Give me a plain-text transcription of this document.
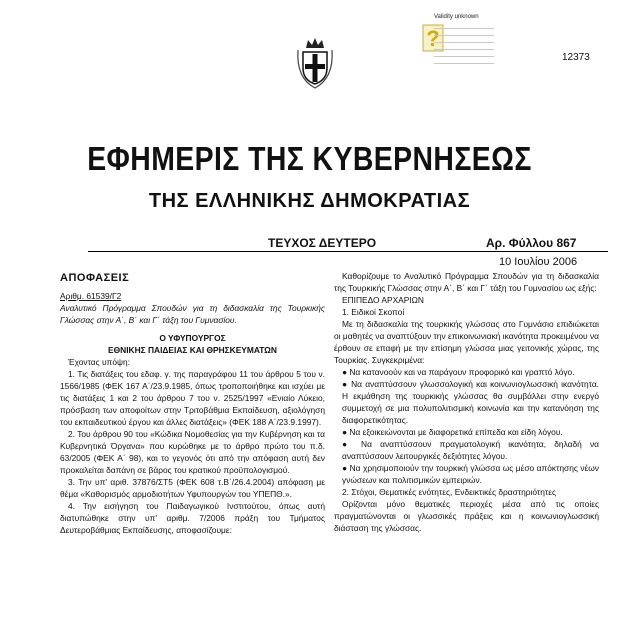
?
Validity unknown
12373
ΕΦΗΜΕΡΙΣ ΤΗΣ ΚΥΒΕΡΝΗΣΕΩΣ
ΤΗΣ ΕΛΛΗΝΙΚΗΣ ΔΗΜΟΚΡΑΤΙΑΣ
ΤΕΥΧΟΣ ΔΕΥΤΕΡΟ	Αρ. Φύλλου 867
10 Ιουλίου 2006

ΑΠΟΦΑΣΕΙΣ

Αριθμ. 61539/Γ2

Αναλυτικό Πρόγραμμα Σπουδών για τη διδασκαλία της Τουρκικής Γλώσσας στην Α΄, Β΄ και Γ΄ τάξη του Γυμνασίου.

Ο ΥΦΥΠΟΥΡΓΟΣ

ΕΘΝΙΚΗΣ ΠΑΙΔΕΙΑΣ ΚΑΙ ΘΡΗΣΚΕΥΜΑΤΩΝ

Έχοντας υπόψη:

1. Τις διατάξεις του εδαφ. γ. της παραγράφου 11 του άρθρου 5 του ν. 1566/1985 (ΦΕΚ 167 Α΄/23.9.1985, όπως τροποποιήθηκε και ισχύει με τις διατάξεις 1 και 2 του άρθρου 7 του ν. 2525/1997 «Ενιαίο Λύκειο, πρόσβαση των αποφοίτων στην Τριτοβάθμια Εκπαίδευση, αξιολόγηση του εκπαιδευτικού έργου και άλλες διατάξεις» (ΦΕΚ 188 Α΄/23.9.1997).

2. Του άρθρου 90 του «Κώδικα Νομοθεσίας για την Κυβέρνηση και τα Κυβερνητικά Όργανα» που κυρώθηκε με το άρθρο πρώτο του π.δ. 63/2005 (ΦΕΚ Α΄ 98), και το γεγονός ότι από την απόφαση αυτή δεν προκαλείται δαπάνη σε βάρος του κρατικού προϋπολογισμού.

3. Την υπ' αριθ. 37876/ΣΤ5 (ΦΕΚ 608 τ.Β΄/26.4.2004) απόφαση με θέμα «Καθορισμός αρμοδιοτήτων Υφυπουργών του ΥΠΕΠΘ.».

4. Την εισήγηση του Παιδαγωγικού Ινστιτούτου, όπως αυτή διατυπώθηκε στην υπ' αριθμ. 7/2006 πράξη του Τμήματος Δευτεροβάθμιας Εκπαίδευσης, αποφασίζουμε:

Καθορίζουμε το Αναλυτικό Πρόγραμμα Σπουδών για τη διδασκαλία της Τουρκικής Γλώσσας στην Α΄, Β΄ και Γ΄ τάξη του Γυμνασίου ως εξής:

ΕΠΙΠΕΔΟ ΑΡΧΑΡΙΩΝ

1. Ειδικοί Σκοποί

Με τη διδασκαλία της τουρκικής γλώσσας στο Γυμνάσιο επιδιώκεται οι μαθητές να αναπτύξουν την επικοινωνιακή ικανότητα προκειμένου να έρθουν σε επαφή με την επίσημη γλώσσα μιας γειτονικής χώρας, της Τουρκίας. Συγκεκριμένα:

● Να κατανοούν και να παράγουν προφορικό και γραπτό λόγο.

● Να αναπτύσσουν γλωσσολογική και κοινωνιογλωσσική ικανότητα. Η εκμάθηση της τουρκικής γλώσσας θα συμβάλλει στην ενεργό συμμετοχή σε μια πολυπολιτισμική κοινωνία και την κατανόηση της διαφορετικότητας.

● Να εξοικειώνονται με διαφορετικά επίπεδα και είδη λόγου.

● Να αναπτύσσουν πραγματολογική ικανότητα, δηλαδή να αναπτύσσουν λειτουργικές δεξιότητες λόγου.

● Να χρησιμοποιούν την τουρκική γλώσσα ως μέσο απόκτησης νέων γνώσεων και πολιτισμικών εμπειριών.

2. Στόχοι, Θεματικές ενότητες, Ενδεικτικές δραστηριότητες

Ορίζονται μόνο θεματικές περιοχές μέσα από τις οποίες πραγματώνονται οι γλωσσικές πράξεις και η κοινωνιογλωσσική διάσταση της γλώσσας.
